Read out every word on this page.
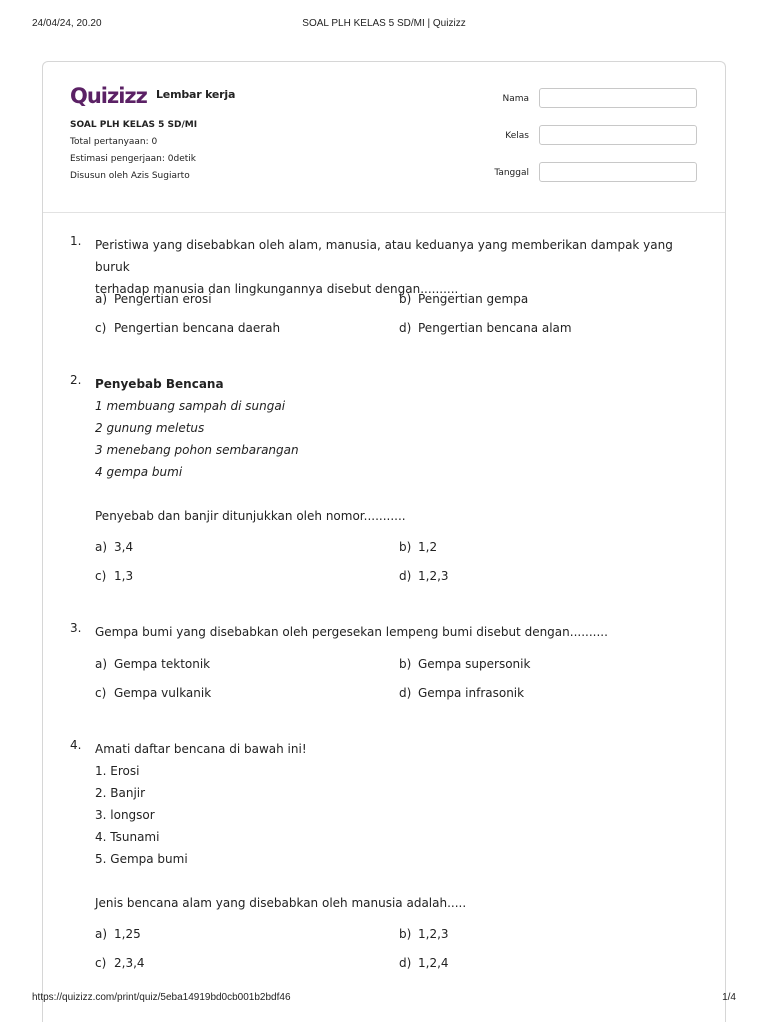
24/04/24, 20.20	SOAL PLH KELAS 5 SD/MI | Quizizz
Quizizz Lembar kerja
SOAL PLH KELAS 5 SD/MI
Total pertanyaan: 0
Estimasi pengerjaan: 0detik
Disusun oleh Azis Sugiarto
Nama
Kelas
Tanggal
1. Peristiwa yang disebabkan oleh alam, manusia, atau keduanya yang memberikan dampak yang buruk
terhadap manusia dan lingkungannya disebut dengan..........
a) Pengertian erosi	b) Pengertian gempa
c) Pengertian bencana daerah	d) Pengertian bencana alam
2. Penyebab Bencana
1 membuang sampah di sungai
2 gunung meletus
3 menebang pohon sembarangan
4 gempa bumi
Penyebab dan banjir ditunjukkan oleh nomor...........
a) 3,4	b) 1,2
c) 1,3	d) 1,2,3
3. Gempa bumi yang disebabkan oleh pergesekan lempeng bumi disebut dengan..........
a) Gempa tektonik	b) Gempa supersonik
c) Gempa vulkanik	d) Gempa infrasonik
4. Amati daftar bencana di bawah ini!
1. Erosi
2. Banjir
3. longsor
4. Tsunami
5. Gempa bumi
Jenis bencana alam yang disebabkan oleh manusia adalah.....
a) 1,25	b) 1,2,3
c) 2,3,4	d) 1,2,4
https://quizizz.com/print/quiz/5eba14919bd0cb001b2bdf46	1/4
